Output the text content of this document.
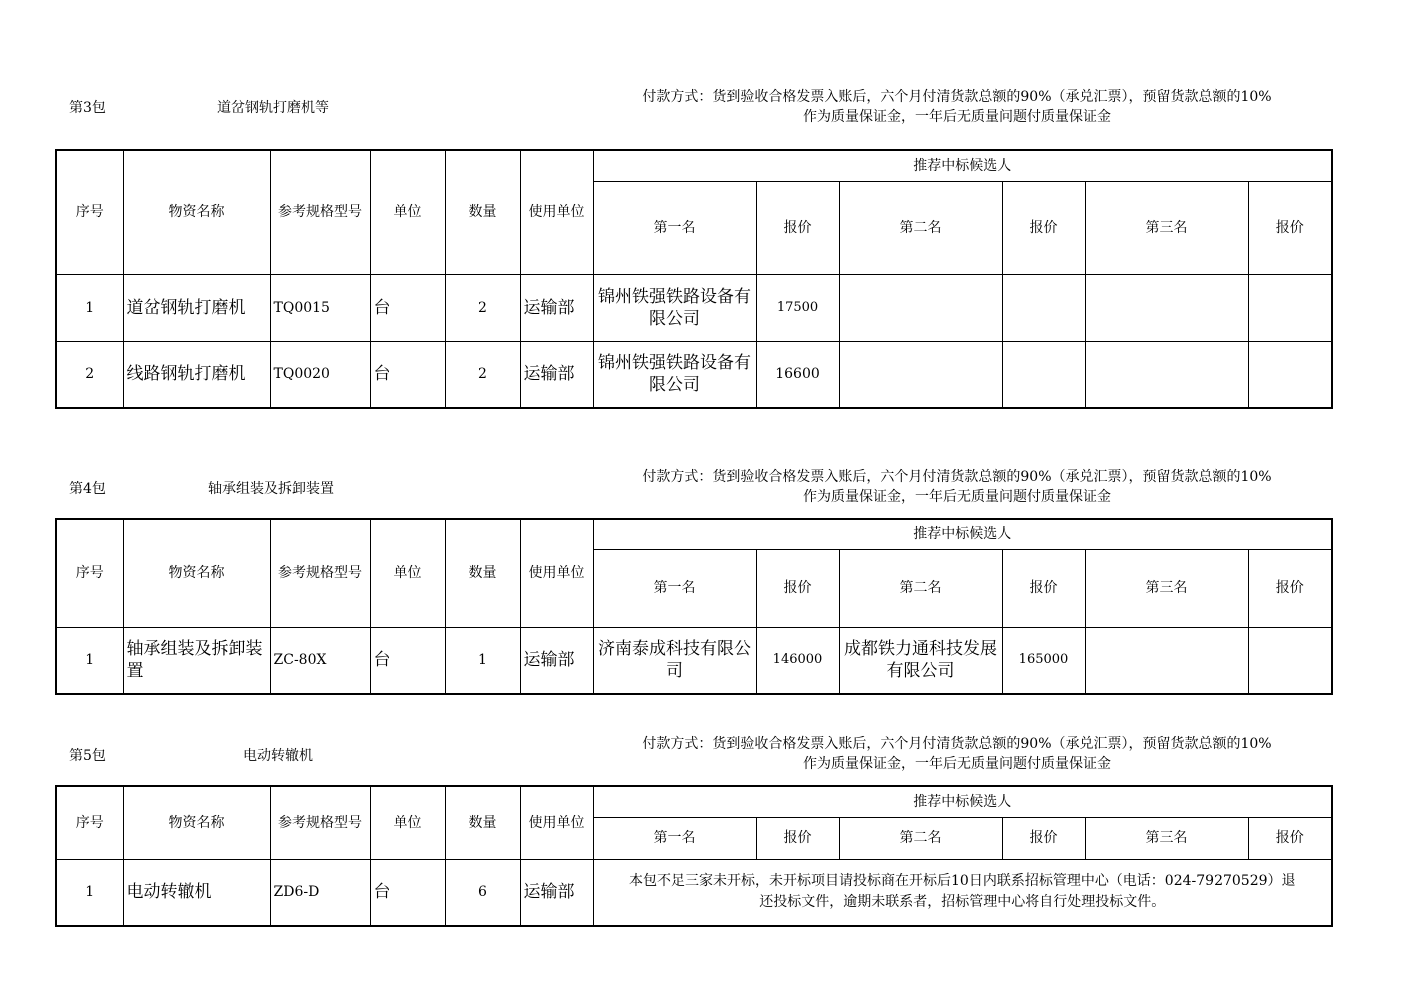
第3包	道岔钢轨打磨机等
付款方式：货到验收合格发票入账后，六个月付清货款总额的90%（承兑汇票），预留货款总额的10%
作为质量保证金，一年后无质量问题付质量保证金
序号	物资名称	参考规格型号	单位	数量	使用单位	推荐中标候选人					
						第一名	报价	第二名	报价	第三名	报价
1	道岔钢轨打磨机	TQ0015	台	2	运输部	锦州铁强铁路设备有限公司	17500				
2	线路钢轨打磨机	TQ0020	台	2	运输部	锦州铁强铁路设备有限公司	16600				
第4包	轴承组装及拆卸装置
付款方式：货到验收合格发票入账后，六个月付清货款总额的90%（承兑汇票），预留货款总额的10%
作为质量保证金，一年后无质量问题付质量保证金
序号	物资名称	参考规格型号	单位	数量	使用单位	推荐中标候选人					
						第一名	报价	第二名	报价	第三名	报价
1	轴承组装及拆卸装置	ZC-80X	台	1	运输部	济南泰成科技有限公司	146000	成都铁力通科技发展有限公司	165000		
第5包	电动转辙机
付款方式：货到验收合格发票入账后，六个月付清货款总额的90%（承兑汇票），预留货款总额的10%
作为质量保证金，一年后无质量问题付质量保证金
序号	物资名称	参考规格型号	单位	数量	使用单位	推荐中标候选人					
						第一名	报价	第二名	报价	第三名	报价
1	电动转辙机	ZD6-D	台	6	运输部	本包不足三家未开标，未开标项目请投标商在开标后10日内联系招标管理中心（电话：024-79270529）退还投标文件，逾期未联系者，招标管理中心将自行处理投标文件。					
